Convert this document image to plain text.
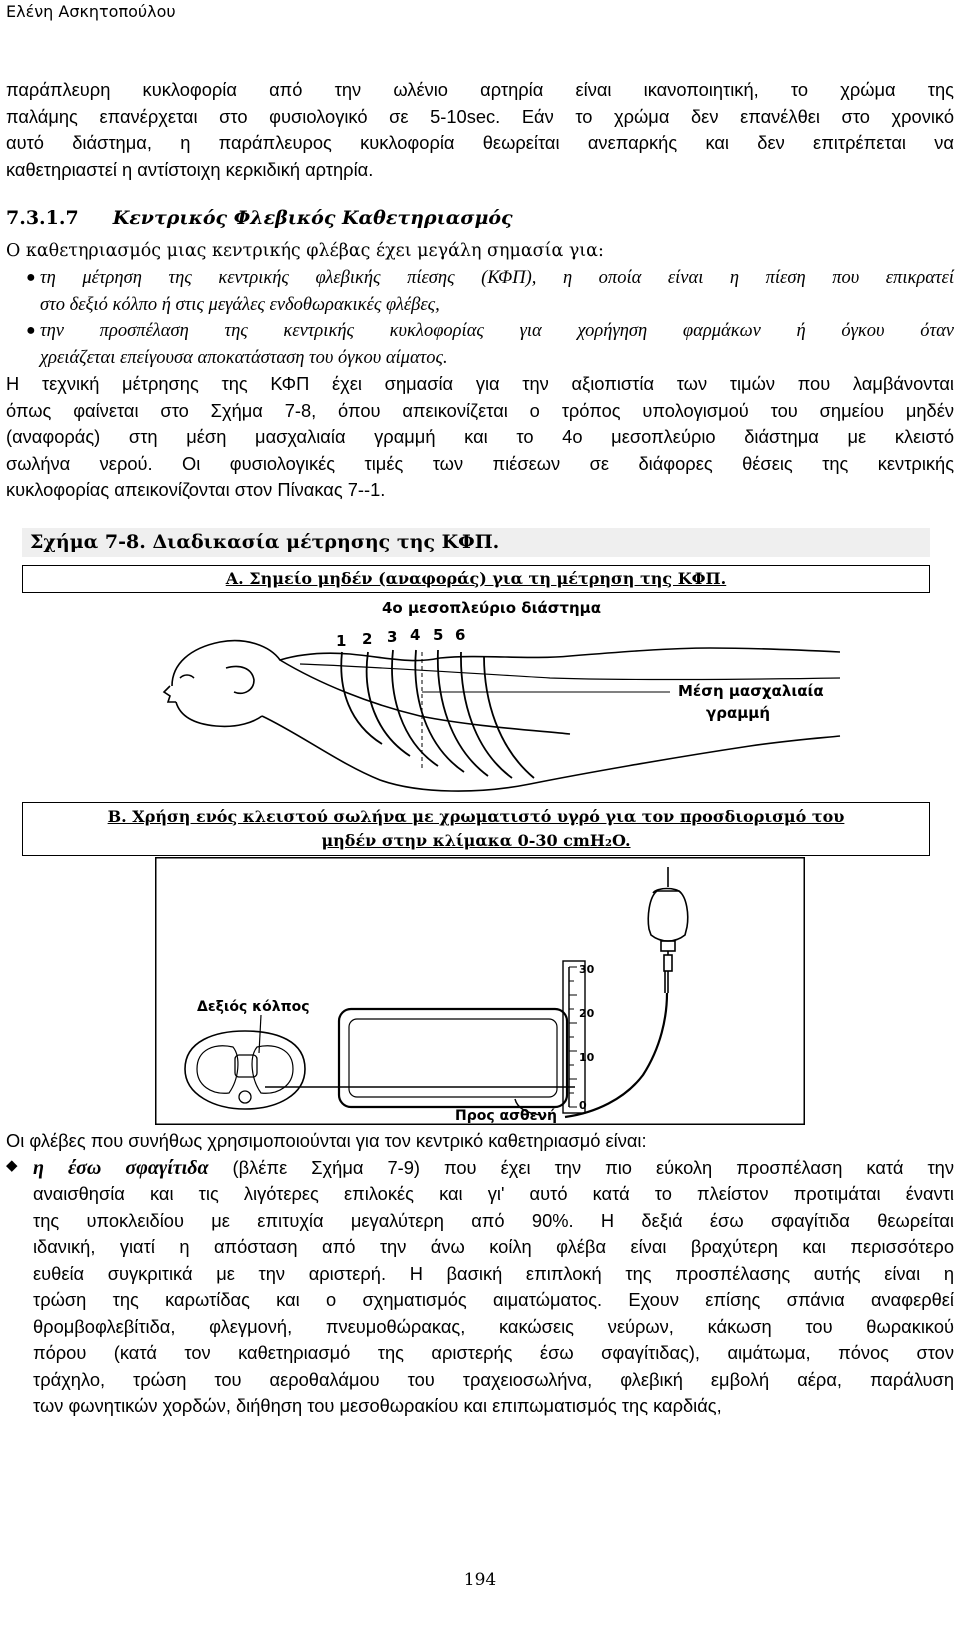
Ελένη Ασκητοπούλου
παράπλευρη κυκλοφορία από την ωλένιο αρτηρία είναι ικανοποιητική, το χρώμα της
παλάμης επανέρχεται στο φυσιολογικό σε 5-10sec. Εάν το χρώμα δεν επανέλθει στο χρονικό
αυτό διάστημα, η παράπλευρος κυκλοφορία θεωρείται ανεπαρκής και δεν επιτρέπεται να
καθετηριαστεί η αντίστοιχη κερκιδική αρτηρία.
7.3.1.7 Κεντρικός Φλεβικός Καθετηριασμός
Ο καθετηριασμός μιας κεντρικής φλέβας έχει μεγάλη σημασία για:
● τη μέτρηση της κεντρικής φλεβικής πίεσης (ΚΦΠ), η οποία είναι η πίεση που επικρατεί
στο δεξιό κόλπο ή στις μεγάλες ενδοθωρακικές φλέβες,
● την προσπέλαση της κεντρικής κυκλοφορίας για χορήγηση φαρμάκων ή όγκου όταν
χρειάζεται επείγουσα αποκατάσταση του όγκου αίματος.
Η τεχνική μέτρησης της ΚΦΠ έχει σημασία για την αξιοπιστία των τιμών που λαμβάνονται
όπως φαίνεται στο Σχήμα 7-8, όπου απεικονίζεται ο τρόπος υπολογισμού του σημείου μηδέν
(αναφοράς) στη μέση μασχαλιαία γραμμή και το 4ο μεσοπλεύριο διάστημα με κλειστό
σωλήνα νερού. Οι φυσιολογικές τιμές των πιέσεων σε διάφορες θέσεις της κεντρικής
κυκλοφορίας απεικονίζονται στον Πίνακας 7--1.
Σχήμα 7-8. Διαδικασία μέτρησης της ΚΦΠ.
Α. Σημείο μηδέν (αναφοράς) για τη μέτρηση της ΚΦΠ.
4ο μεσοπλεύριο διάστημα
1 2 3 4 5 6
Μέση μασχαλιαία
γραμμή
Β. Χρήση ενός κλειστού σωλήνα με χρωματιστό υγρό για τον προσδιορισμό του
μηδέν στην κλίμακα 0-30 cmH₂O.
30
20
10
0
Δεξιός κόλπος
Προς ασθενή
Οι φλέβες που συνήθως χρησιμοποιούνται για τον κεντρικό καθετηριασμό είναι:
η έσω σφαγίτιδα (βλέπε Σχήμα 7-9) που έχει την πιο εύκολη προσπέλαση κατά την
αναισθησία και τις λιγότερες επιλοκές και γι' αυτό κατά το πλείστον προτιμάται έναντι
της υποκλειδίου με επιτυχία μεγαλύτερη από 90%. Η δεξιά έσω σφαγίτιδα θεωρείται
ιδανική, γιατί η απόσταση από την άνω κοίλη φλέβα είναι βραχύτερη και περισσότερο
ευθεία συγκριτικά με την αριστερή. Η βασική επιπλοκή της προσπέλασης αυτής είναι η
τρώση της καρωτίδας και ο σχηματισμός αιματώματος. Εχουν επίσης σπάνια αναφερθεί
θρομβοφλεβίτιδα, φλεγμονή, πνευμοθώρακας, κακώσεις νεύρων, κάκωση του θωρακικού
πόρου (κατά τον καθετηριασμό της αριστερής έσω σφαγίτιδας), αιμάτωμα, πόνος στον
τράχηλο, τρώση του αεροθαλάμου του τραχειοσωλήνα, φλεβική εμβολή αέρα, παράλυση
των φωνητικών χορδών, διήθηση του μεσοθωρακίου και επιπωματισμός της καρδιάς,
◆
194
